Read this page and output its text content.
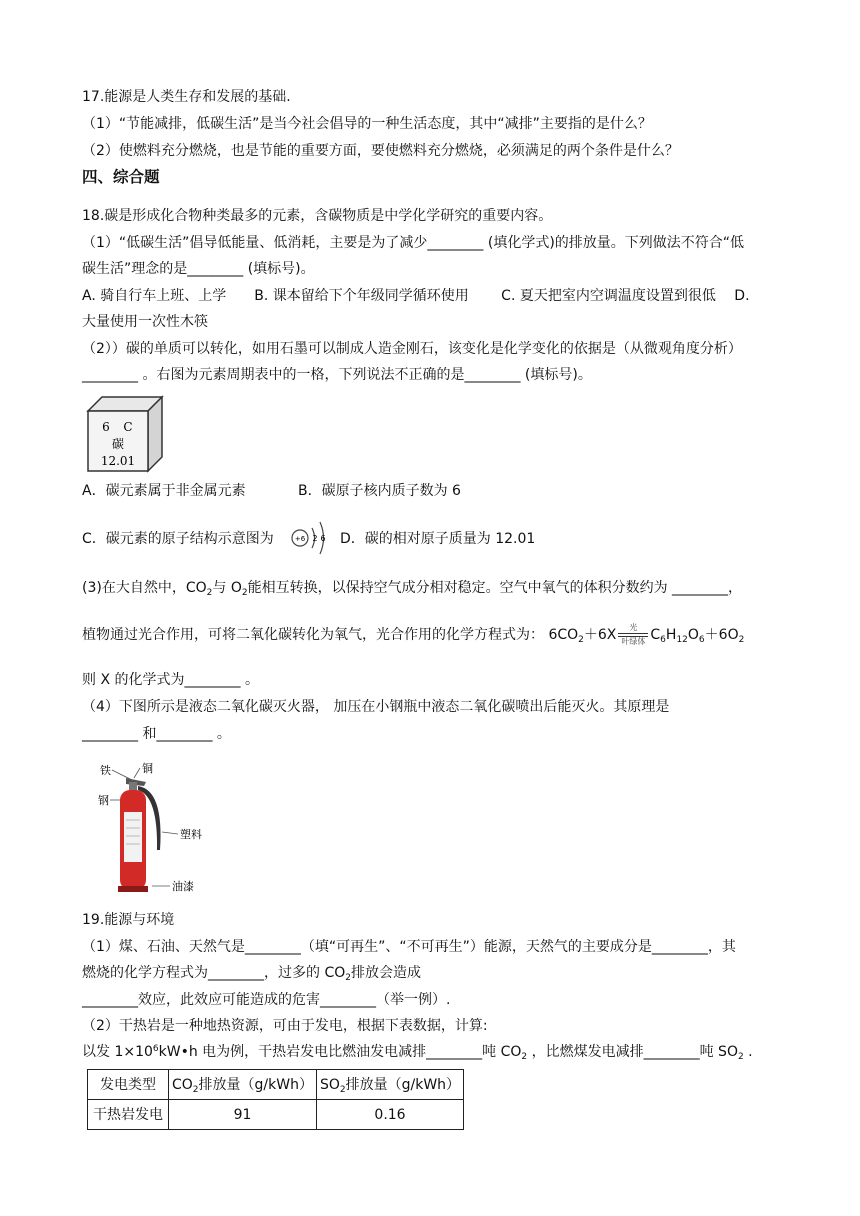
17.能源是人类生存和发展的基础.
（1）“节能减排，低碳生活”是当今社会倡导的一种生活态度，其中“减排”主要指的是什么？
（2）使燃料充分燃烧，也是节能的重要方面，要使燃料充分燃烧，必须满足的两个条件是什么？
四、综合题
18.碳是形成化合物种类最多的元素，含碳物质是中学化学研究的重要内容。
（1）“低碳生活”倡导低能量、低消耗，主要是为了减少________ (填化学式)的排放量。下列做法不符合“低
碳生活”理念的是________ (填标号)。
A. 骑自行车上班、上学　　B. 课本留给下个年级同学循环使用　　 C. 夏天把室内空调温度设置到很低　 D.
大量使用一次性木筷
（2））碳的单质可以转化，如用石墨可以制成人造金刚石，该变化是化学变化的依据是（从微观角度分析）
________ 。右图为元素周期表中的一格，下列说法不正确的是________ (填标号)。
6 C
碳
12.01
A．碳元素属于非金属元素	B．碳原子核内质子数为 6
C．碳元素的原子结构示意图为	+6 2 6 D．碳的相对原子质量为 12.01
(3)在大自然中，$CO_2$与 $O_2$能相互转换，以保持空气成分相对稳定。空气中氧气的体积分数约为 ________，
植物通过光合作用，可将二氧化碳转化为氧气，光合作用的化学方程式为： $6CO_2+6X$ 光
叶绿体 $C_6H_{12}O_6+6O_2$
则 X 的化学式为________ 。
（4）下图所示是液态二氧化碳灭火器， 加压在小钢瓶中液态二氧化碳喷出后能灭火。其原理是
________ 和________ 。
铁	铜
钢
塑料
油漆
19.能源与环境
（1）煤、石油、天然气是________（填“可再生”、“不可再生”）能源，天然气的主要成分是________，其
燃烧的化学方程式为________，过多的 $CO_2$排放会造成
________效应，此效应可能造成的危害________（举一例）.
（2）干热岩是一种地热资源，可由于发电，根据下表数据，计算:
以发 $1\times 10^6kW•h$ 电为例，干热岩发电比燃油发电减排________吨 $CO_2$ ，比燃煤发电减排________吨 $SO_2$ .
发电类型	$CO_2$排放量（g/kWh）	$SO_2$排放量（g/kWh）
干热岩发电	91	0.16
